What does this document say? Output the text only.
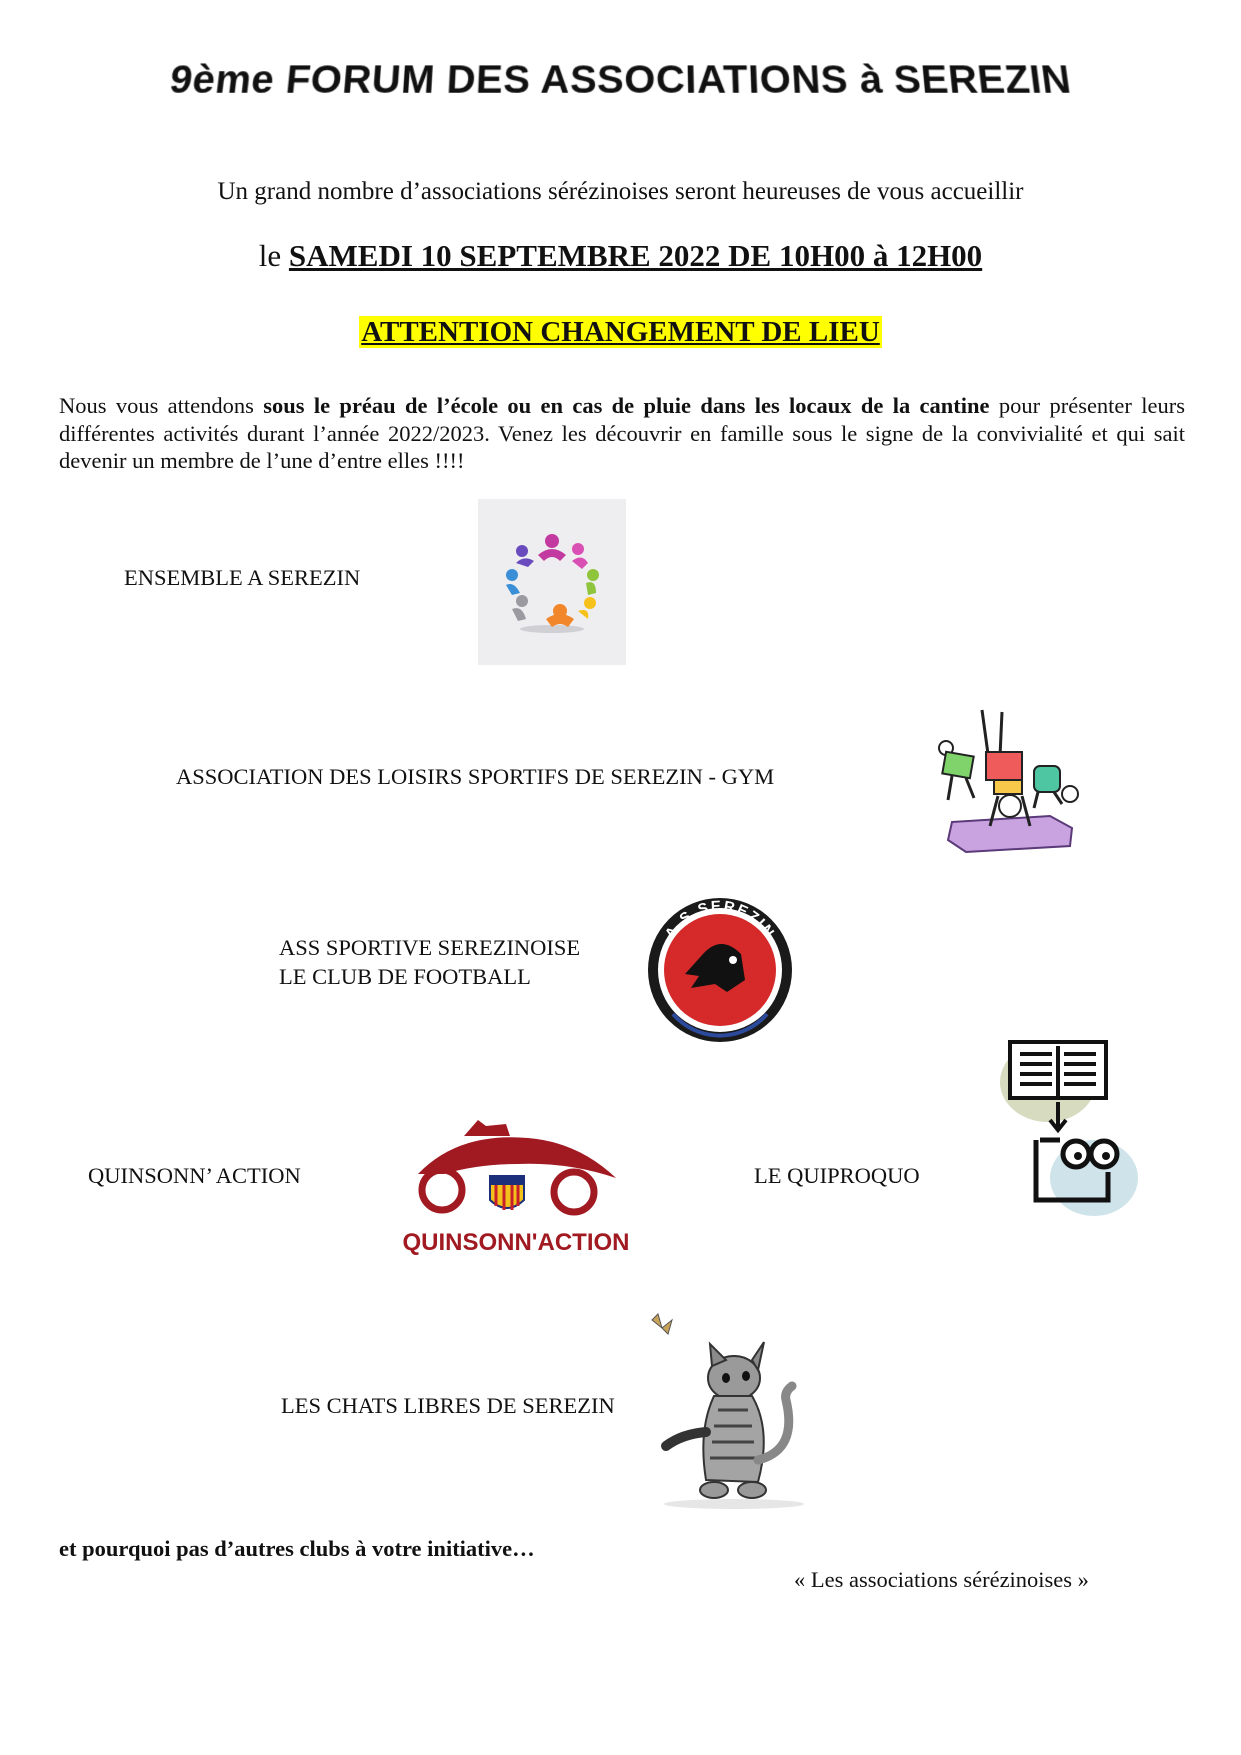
9ème FORUM DES ASSOCIATIONS à SEREZIN
Un grand nombre d’associations sérézinoises seront heureuses de vous accueillir
le SAMEDI 10 SEPTEMBRE 2022 DE 10H00 à 12H00
ATTENTION CHANGEMENT DE LIEU
Nous vous attendons sous le préau de l’école ou en cas de pluie dans les locaux de la cantine pour présenter leurs différentes activités durant l’année 2022/2023. Venez les découvrir en famille sous le signe de la convivialité et qui sait devenir un membre de l’une d’entre elles !!!!
ENSEMBLE A SEREZIN
ASSOCIATION DES LOISIRS SPORTIFS DE SEREZIN - GYM
ASS SPORTIVE SEREZINOISE
LE CLUB DE FOOTBALL
A.S SEREZIN
QUINSONN’ ACTION
QUINSONN'ACTION
LE QUIPROQUO
LES CHATS LIBRES DE SEREZIN
et pourquoi pas d’autres clubs à votre initiative…
« Les associations sérézinoises »
